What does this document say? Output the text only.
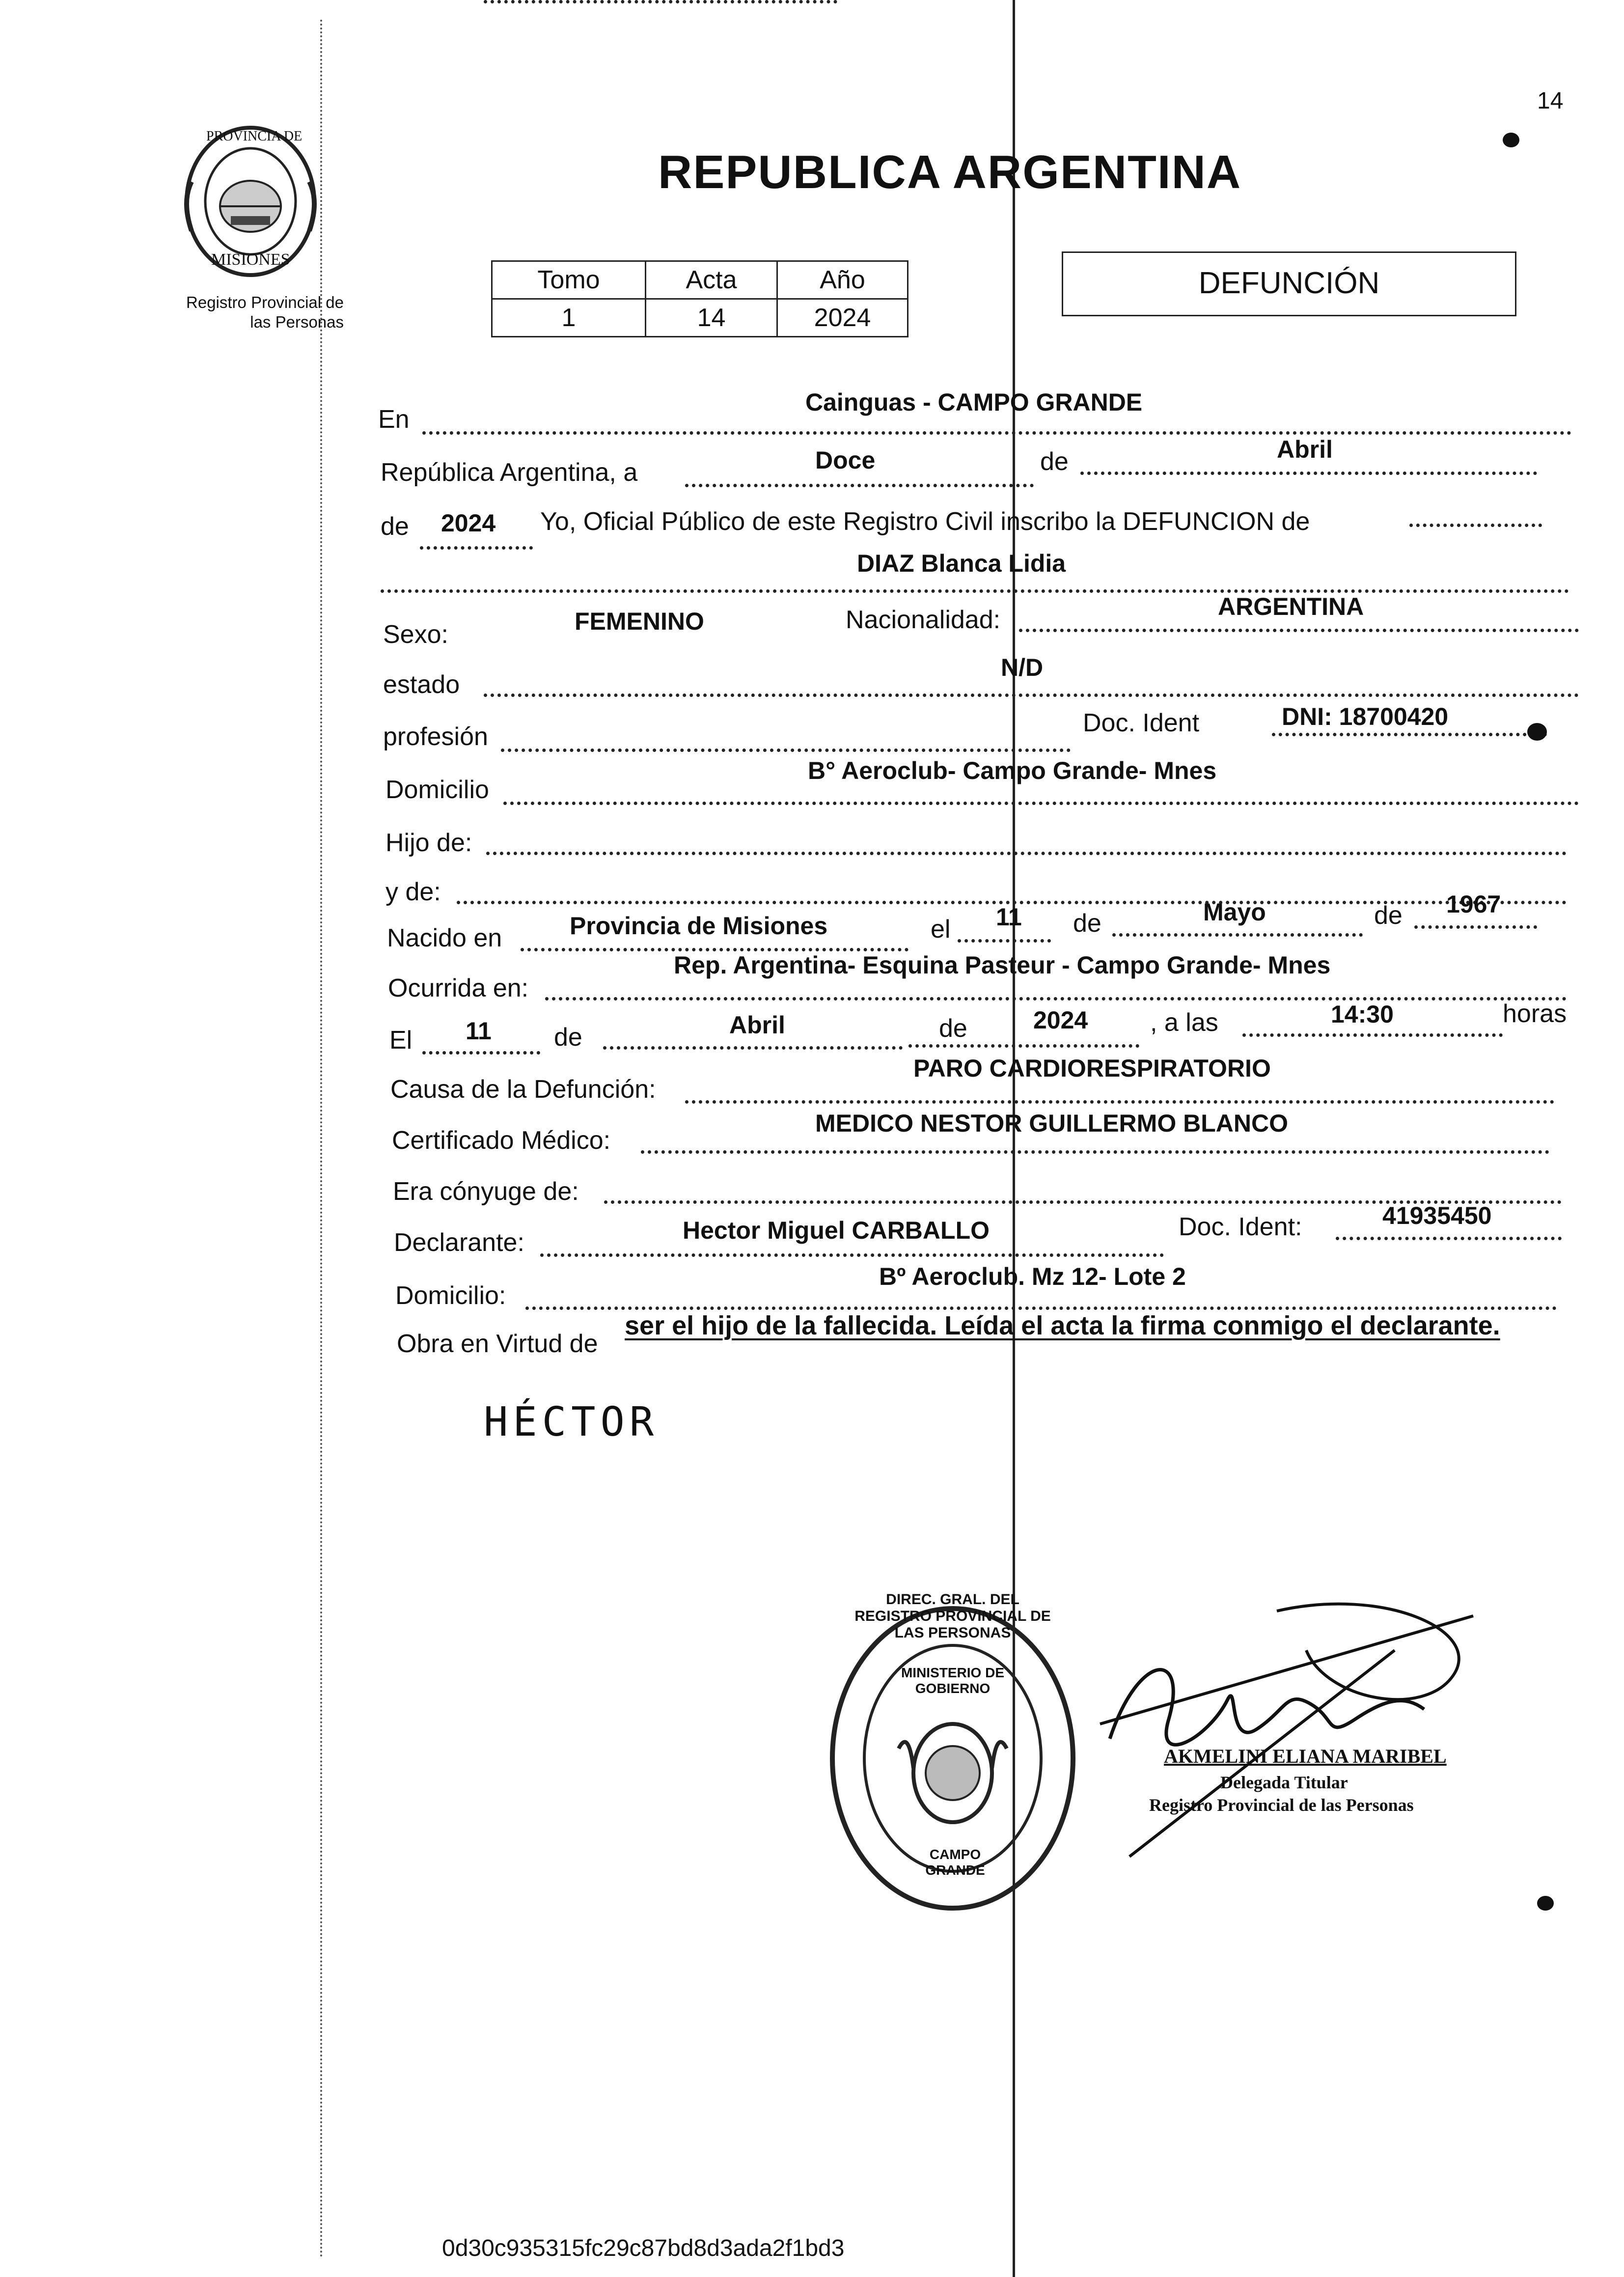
14
PROVINCIA DE
MISIONES
Registro Provincial de
las Personas
REPUBLICA ARGENTINA
Tomo	Acta	Año
1	14	2024
DEFUNCIÓN
En
Cainguas - CAMPO GRANDE
República Argentina, a	Doce	de	Abril
de 2024 Yo, Oficial Público de este Registro Civil inscribo la DEFUNCION de
DIAZ Blanca Lidia
Sexo:	FEMENINO	Nacionalidad:	ARGENTINA
estado
N/D
profesión	Doc. Ident	DNI: 18700420
Domicilio
B° Aeroclub- Campo Grande- Mnes
Hijo de:
y de:
Nacido en	Provincia de Misiones	el 11 de	Mayo	de 1967
Ocurrida en:
Rep. Argentina- Esquina Pasteur - Campo Grande- Mnes
El 11 de	Abril	de	2024 , a las	14:30	horas
Causa de la Defunción:
PARO CARDIORESPIRATORIO
Certificado Médico:
MEDICO NESTOR GUILLERMO BLANCO
Era cónyuge de:
Declarante:	Hector Miguel CARBALLO	Doc. Ident:	41935450
Domicilio:
Bº Aeroclub. Mz 12- Lote 2
Obra en Virtud de
ser el hijo de la fallecida. Leída el acta la firma conmigo el declarante.
HÉCTOR
DIREC. GRAL. DEL REGISTRO PROVINCIAL DE LAS PERSONAS
MINISTERIO DE GOBIERNO
CAMPO GRANDE
AKMELINI ELIANA MARIBEL
Delegada Titular
Registro Provincial de las Personas
0d30c935315fc29c87bd8d3ada2f1bd3
